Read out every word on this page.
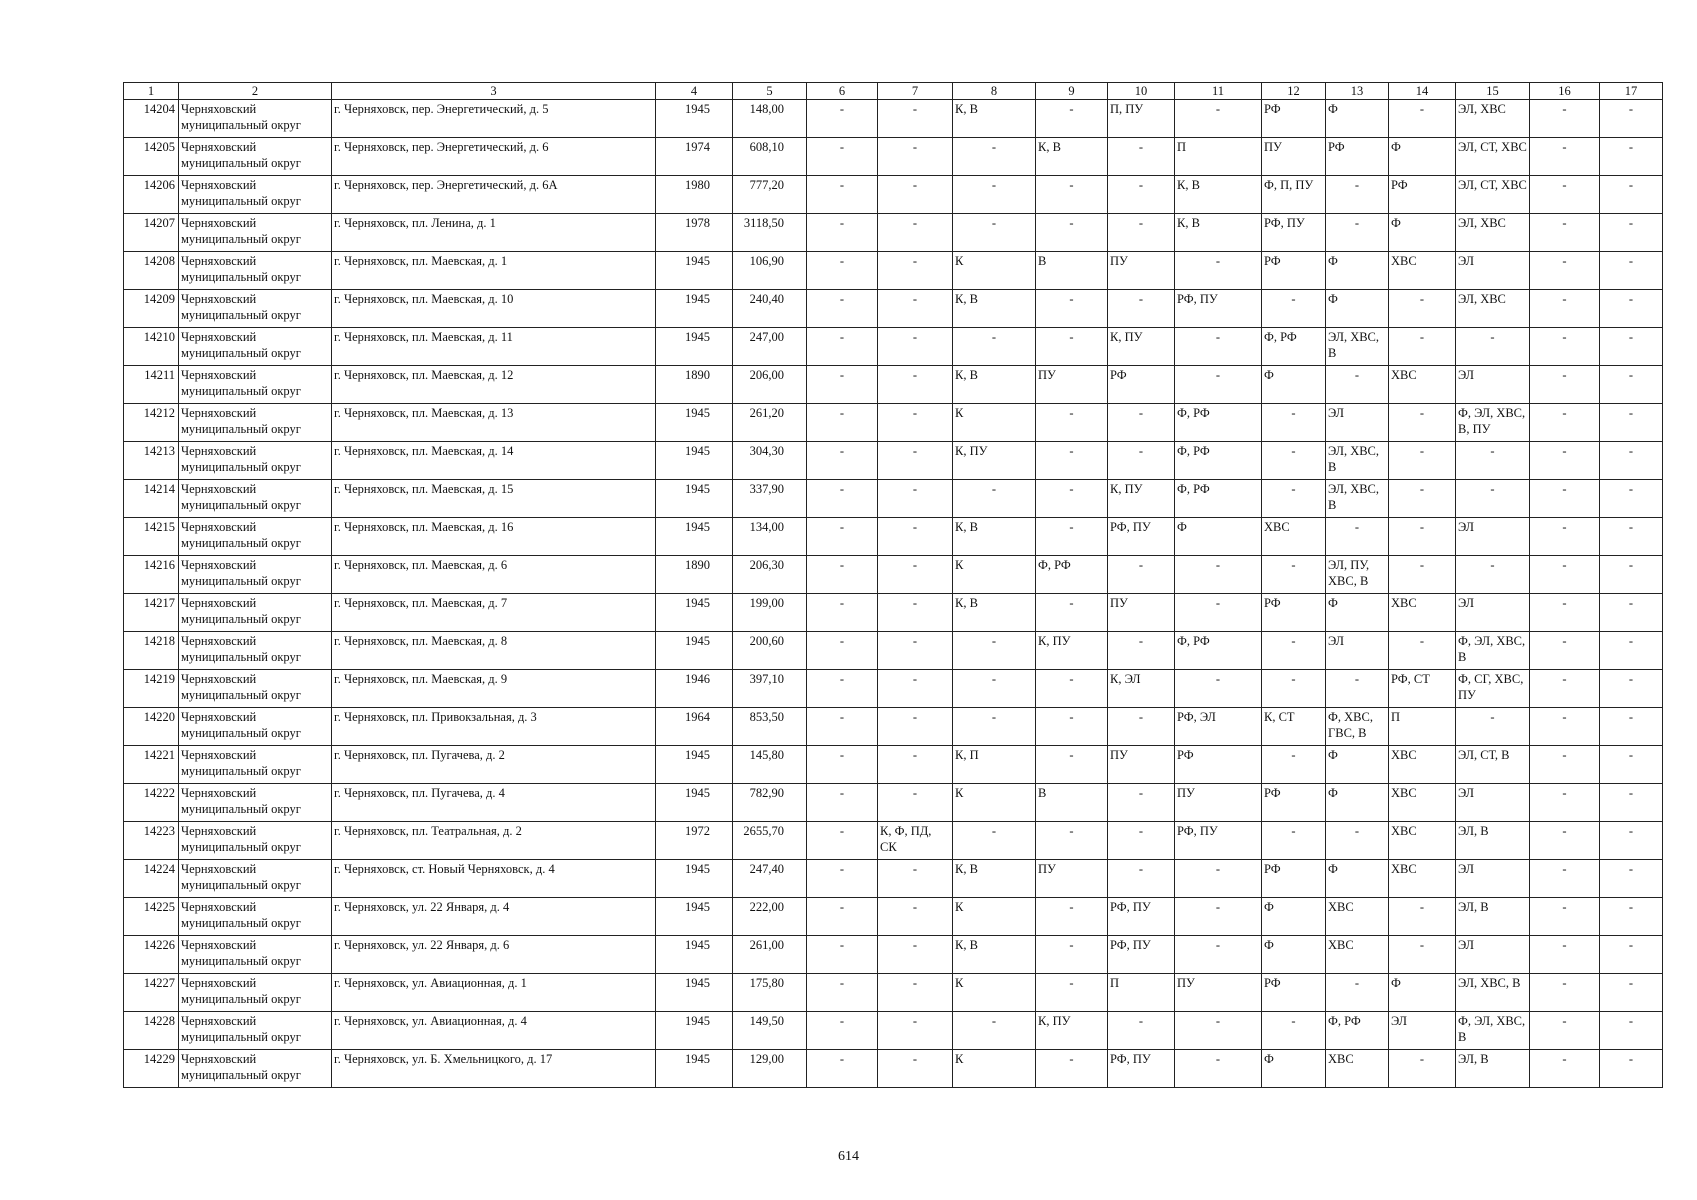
1	2	3	4	5	6	7	8	9	10	11	12	13	14	15	16	17
14204	Черняховский муниципальный округ	г. Черняховск, пер. Энергетический, д. 5	1945	148,00	-	-	К, В	-	П, ПУ	-	РФ	Ф	-	ЭЛ, ХВС	-	-
14205	Черняховский муниципальный округ	г. Черняховск, пер. Энергетический, д. 6	1974	608,10	-	-	-	К, В	-	П	ПУ	РФ	Ф	ЭЛ, СТ, ХВС	-	-
14206	Черняховский муниципальный округ	г. Черняховск, пер. Энергетический, д. 6А	1980	777,20	-	-	-	-	-	К, В	Ф, П, ПУ	-	РФ	ЭЛ, СТ, ХВС	-	-
14207	Черняховский муниципальный округ	г. Черняховск, пл. Ленина, д. 1	1978	3118,50	-	-	-	-	-	К, В	РФ, ПУ	-	Ф	ЭЛ, ХВС	-	-
14208	Черняховский муниципальный округ	г. Черняховск, пл. Маевская, д. 1	1945	106,90	-	-	К	В	ПУ	-	РФ	Ф	ХВС	ЭЛ	-	-
14209	Черняховский муниципальный округ	г. Черняховск, пл. Маевская, д. 10	1945	240,40	-	-	К, В	-	-	РФ, ПУ	-	Ф	-	ЭЛ, ХВС	-	-
14210	Черняховский муниципальный округ	г. Черняховск, пл. Маевская, д. 11	1945	247,00	-	-	-	-	К, ПУ	-	Ф, РФ	ЭЛ, ХВС, В	-	-	-	-
14211	Черняховский муниципальный округ	г. Черняховск, пл. Маевская, д. 12	1890	206,00	-	-	К, В	ПУ	РФ	-	Ф	-	ХВС	ЭЛ	-	-
14212	Черняховский муниципальный округ	г. Черняховск, пл. Маевская, д. 13	1945	261,20	-	-	К	-	-	Ф, РФ	-	ЭЛ	-	Ф, ЭЛ, ХВС, В, ПУ	-	-
14213	Черняховский муниципальный округ	г. Черняховск, пл. Маевская, д. 14	1945	304,30	-	-	К, ПУ	-	-	Ф, РФ	-	ЭЛ, ХВС, В	-	-	-	-
14214	Черняховский муниципальный округ	г. Черняховск, пл. Маевская, д. 15	1945	337,90	-	-	-	-	К, ПУ	Ф, РФ	-	ЭЛ, ХВС, В	-	-	-	-
14215	Черняховский муниципальный округ	г. Черняховск, пл. Маевская, д. 16	1945	134,00	-	-	К, В	-	РФ, ПУ	Ф	ХВС	-	-	ЭЛ	-	-
14216	Черняховский муниципальный округ	г. Черняховск, пл. Маевская, д. 6	1890	206,30	-	-	К	Ф, РФ	-	-	-	ЭЛ, ПУ, ХВС, В	-	-	-	-
14217	Черняховский муниципальный округ	г. Черняховск, пл. Маевская, д. 7	1945	199,00	-	-	К, В	-	ПУ	-	РФ	Ф	ХВС	ЭЛ	-	-
14218	Черняховский муниципальный округ	г. Черняховск, пл. Маевская, д. 8	1945	200,60	-	-	-	К, ПУ	-	Ф, РФ	-	ЭЛ	-	Ф, ЭЛ, ХВС, В	-	-
14219	Черняховский муниципальный округ	г. Черняховск, пл. Маевская, д. 9	1946	397,10	-	-	-	-	К, ЭЛ	-	-	-	РФ, СТ	Ф, СГ, ХВС, ПУ	-	-
14220	Черняховский муниципальный округ	г. Черняховск, пл. Привокзальная, д. 3	1964	853,50	-	-	-	-	-	РФ, ЭЛ	К, СТ	Ф, ХВС, ГВС, В	П	-	-	-
14221	Черняховский муниципальный округ	г. Черняховск, пл. Пугачева, д. 2	1945	145,80	-	-	К, П	-	ПУ	РФ	-	Ф	ХВС	ЭЛ, СТ, В	-	-
14222	Черняховский муниципальный округ	г. Черняховск, пл. Пугачева, д. 4	1945	782,90	-	-	К	В	-	ПУ	РФ	Ф	ХВС	ЭЛ	-	-
14223	Черняховский муниципальный округ	г. Черняховск, пл. Театральная, д. 2	1972	2655,70	-	К, Ф, ПД, СК	-	-	-	РФ, ПУ	-	-	ХВС	ЭЛ, В	-	-
14224	Черняховский муниципальный округ	г. Черняховск, ст. Новый Черняховск, д. 4	1945	247,40	-	-	К, В	ПУ	-	-	РФ	Ф	ХВС	ЭЛ	-	-
14225	Черняховский муниципальный округ	г. Черняховск, ул. 22 Января, д. 4	1945	222,00	-	-	К	-	РФ, ПУ	-	Ф	ХВС	-	ЭЛ, В	-	-
14226	Черняховский муниципальный округ	г. Черняховск, ул. 22 Января, д. 6	1945	261,00	-	-	К, В	-	РФ, ПУ	-	Ф	ХВС	-	ЭЛ	-	-
14227	Черняховский муниципальный округ	г. Черняховск, ул. Авиационная, д. 1	1945	175,80	-	-	К	-	П	ПУ	РФ	-	Ф	ЭЛ, ХВС, В	-	-
14228	Черняховский муниципальный округ	г. Черняховск, ул. Авиационная, д. 4	1945	149,50	-	-	-	К, ПУ	-	-	-	Ф, РФ	ЭЛ	Ф, ЭЛ, ХВС, В	-	-
14229	Черняховский муниципальный округ	г. Черняховск, ул. Б. Хмельницкого, д. 17	1945	129,00	-	-	К	-	РФ, ПУ	-	Ф	ХВС	-	ЭЛ, В	-	-
614
